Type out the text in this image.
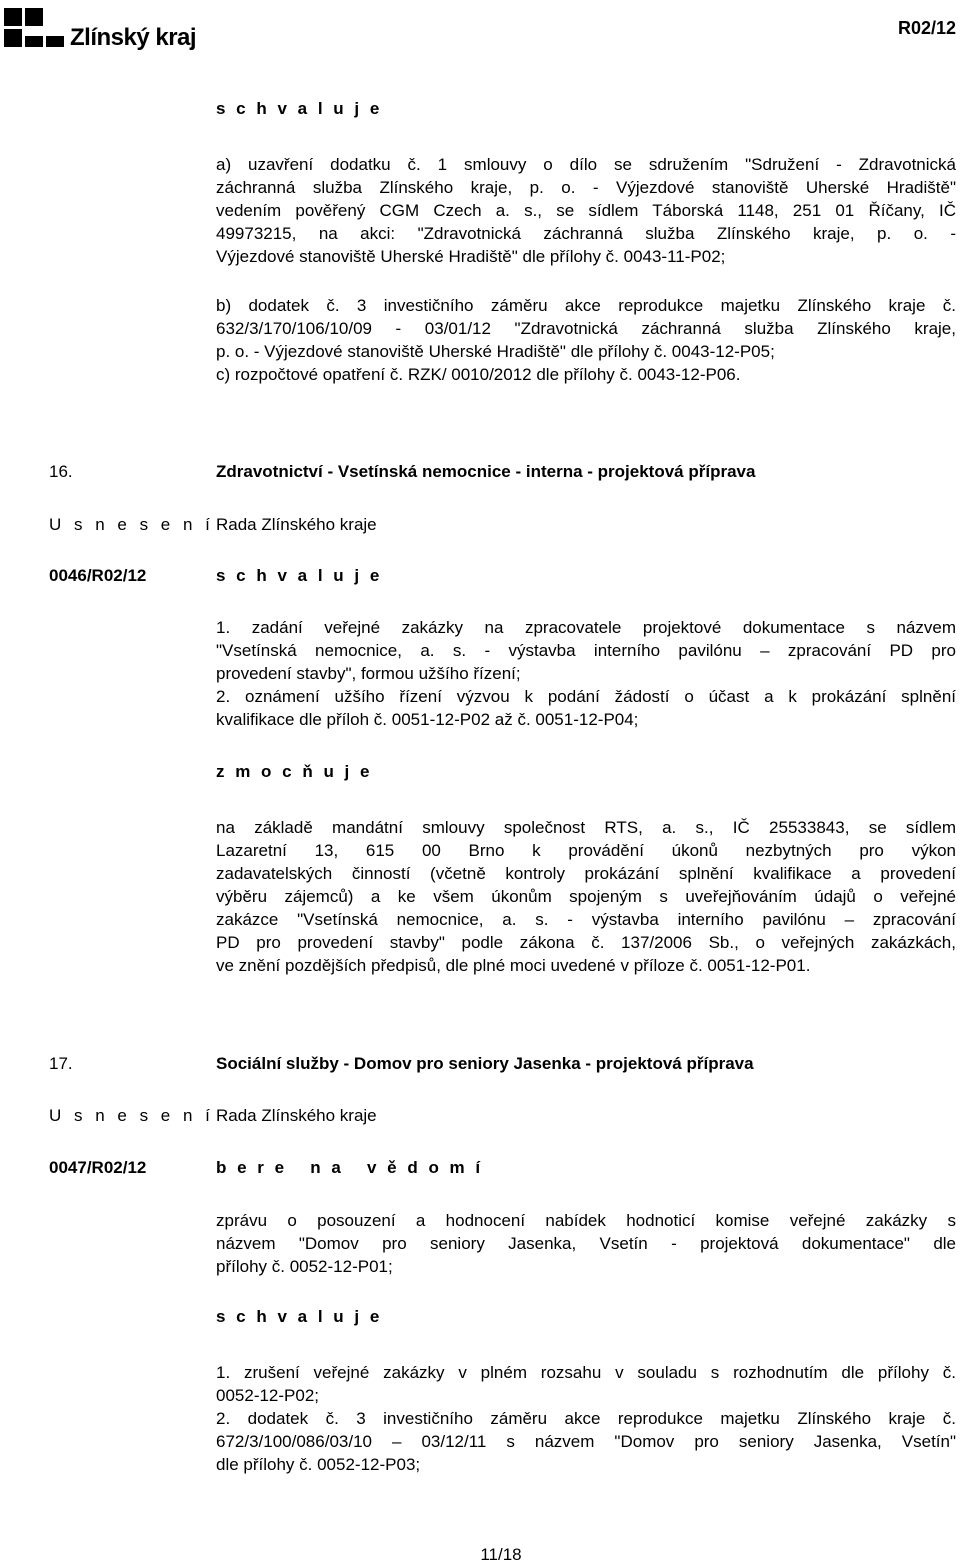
Zlínský kraj	R02/12
s c h v a l u j e
a) uzavření dodatku č. 1 smlouvy o dílo se sdružením "Sdružení - Zdravotnická
záchranná služba Zlínského kraje, p. o. - Výjezdové stanoviště Uherské Hradiště"
vedením pověřený CGM Czech a. s., se sídlem Táborská 1148, 251 01 Říčany, IČ
49973215, na akci: "Zdravotnická záchranná služba Zlínského kraje, p. o. -
Výjezdové stanoviště Uherské Hradiště" dle přílohy č. 0043-11-P02;
b) dodatek č. 3 investičního záměru akce reprodukce majetku Zlínského kraje č.
632/3/170/106/10/09 - 03/01/12 "Zdravotnická záchranná služba Zlínského kraje,
p. o. - Výjezdové stanoviště Uherské Hradiště" dle přílohy č. 0043-12-P05;
c) rozpočtové opatření č. RZK/ 0010/2012 dle přílohy č. 0043-12-P06.
16.	Zdravotnictví - Vsetínská nemocnice - interna - projektová příprava
U s n e s e n í Rada Zlínského kraje
0046/R02/12	s c h v a l u j e
1. zadání veřejné zakázky na zpracovatele projektové dokumentace s názvem
"Vsetínská nemocnice, a. s. - výstavba interního pavilónu – zpracování PD pro
provedení stavby", formou užšího řízení;
2. oznámení užšího řízení výzvou k podání žádostí o účast a k prokázání splnění
kvalifikace dle příloh č. 0051-12-P02 až č. 0051-12-P04;
z m o c ň u j e
na základě mandátní smlouvy společnost RTS, a. s., IČ 25533843, se sídlem
Lazaretní 13, 615 00 Brno k provádění úkonů nezbytných pro výkon
zadavatelských činností (včetně kontroly prokázání splnění kvalifikace a provedení
výběru zájemců) a ke všem úkonům spojeným s uveřejňováním údajů o veřejné
zakázce "Vsetínská nemocnice, a. s. - výstavba interního pavilónu – zpracování
PD pro provedení stavby" podle zákona č. 137/2006 Sb., o veřejných zakázkách,
ve znění pozdějších předpisů, dle plné moci uvedené v příloze č. 0051-12-P01.
17.	Sociální služby - Domov pro seniory Jasenka - projektová příprava
U s n e s e n í Rada Zlínského kraje
0047/R02/12	b e r e   n a   v ě d o m í
zprávu o posouzení a hodnocení nabídek hodnoticí komise veřejné zakázky s
názvem "Domov pro seniory Jasenka, Vsetín - projektová dokumentace" dle
přílohy č. 0052-12-P01;
s c h v a l u j e
1. zrušení veřejné zakázky v plném rozsahu v souladu s rozhodnutím dle přílohy č.
0052-12-P02;
2. dodatek č. 3 investičního záměru akce reprodukce majetku Zlínského kraje č.
672/3/100/086/03/10 – 03/12/11 s názvem "Domov pro seniory Jasenka, Vsetín"
dle přílohy č. 0052-12-P03;
11/18
